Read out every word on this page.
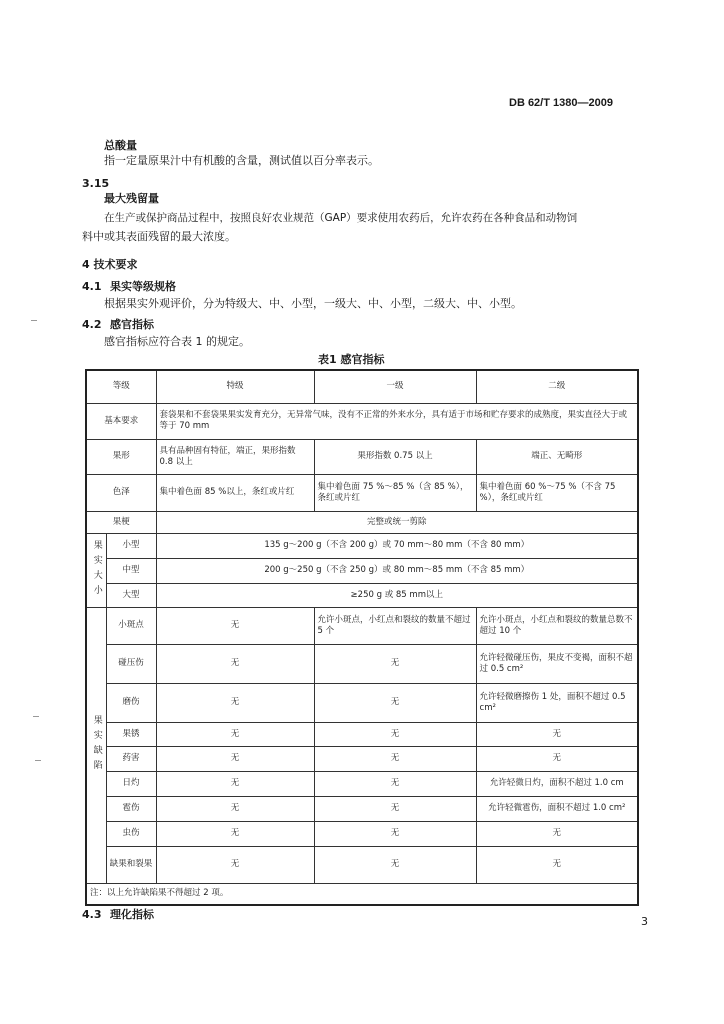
DB 62/T 1380—2009
总酸量
指一定量原果汁中有机酸的含量，测试值以百分率表示。
3.15
最大残留量
在生产或保护商品过程中，按照良好农业规范（GAP）要求使用农药后，允许农药在各种食品和动物饲
料中或其表面残留的最大浓度。
4 技术要求
4.1 果实等级规格
根据果实外观评价，分为特级大、中、小型，一级大、中、小型，二级大、中、小型。
4.2 感官指标
感官指标应符合表 1 的规定。
表1 感官指标
等级		特级	一级	二级
基本要求		套袋果和不套袋果果实发育充分，无异常气味，没有不正常的外来水分，具有适于市场和贮存要求的成熟度，果实直径大于或等于 70 mm		
果形		具有品种固有特征，端正，果形指数 0.8 以上	果形指数 0.75 以上	端正、无畸形
色泽		集中着色面 85 %以上，条红或片红	集中着色面 75 %～85 %（含 85 %），条红或片红	集中着色面 60 %～75 %（不含 75 %），条红或片红
果梗		完整或统一剪除		
果实大小	小型	135 g～200 g（不含 200 g）或 70 mm～80 mm（不含 80 mm）		
	中型	200 g～250 g（不含 250 g）或 80 mm～85 mm（不含 85 mm）		
	大型	≥250 g 或 85 mm以上		
果实缺陷	小斑点	无	允许小斑点，小红点和裂纹的数量不超过 5 个	允许小斑点，小红点和裂纹的数量总数不超过 10 个
	碰压伤	无	无	允许轻微碰压伤，果皮不变褐，面积不超过 0.5 cm²
	磨伤	无	无	允许轻微磨擦伤 1 处，面积不超过 0.5 cm²
	果锈	无	无	无
	药害	无	无	无
	日灼	无	无	允许轻微日灼，面积不超过 1.0 cm
	雹伤	无	无	允许轻微雹伤，面积不超过 1.0 cm²
	虫伤	无	无	无
	缺果和裂果	无	无	无
注：以上允许缺陷果不得超过 2 项。				
4.3 理化指标
3
